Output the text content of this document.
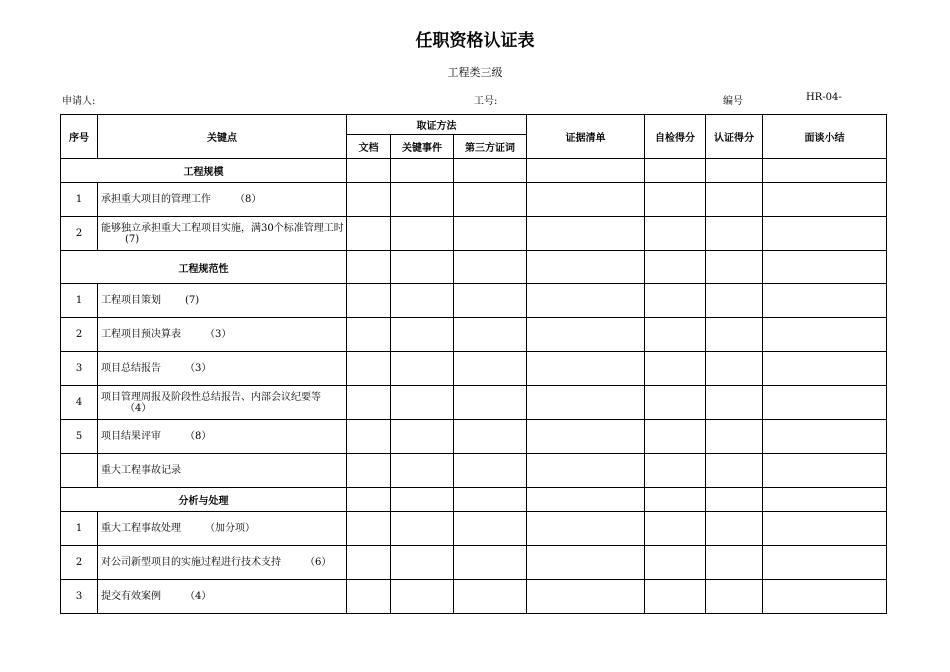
任职资格认证表
工程类三级
申请人:	工号:	编号	HR-04-
序号	关键点	取证方法			证据清单	自检得分	认证得分	面谈小结
		文档	关键事件	第三方证词				
工程规模								
1	承担重大项目的管理工作 （8）							
2	能够独立承担重大工程项目实施，满30个标准管理工时(7)							
工程规范性								
1	工程项目策划 (7)							
2	工程项目预决算表 （3）							
3	项目总结报告 （3）							
4	项目管理周报及阶段性总结报告、内部会议纪要等（4）							
5	项目结果评审 （8）							
	重大工程事故记录							
分析与处理								
1	重大工程事故处理 （加分项）							
2	对公司新型项目的实施过程进行技术支持 （6）							
3	提交有效案例 （4）							
